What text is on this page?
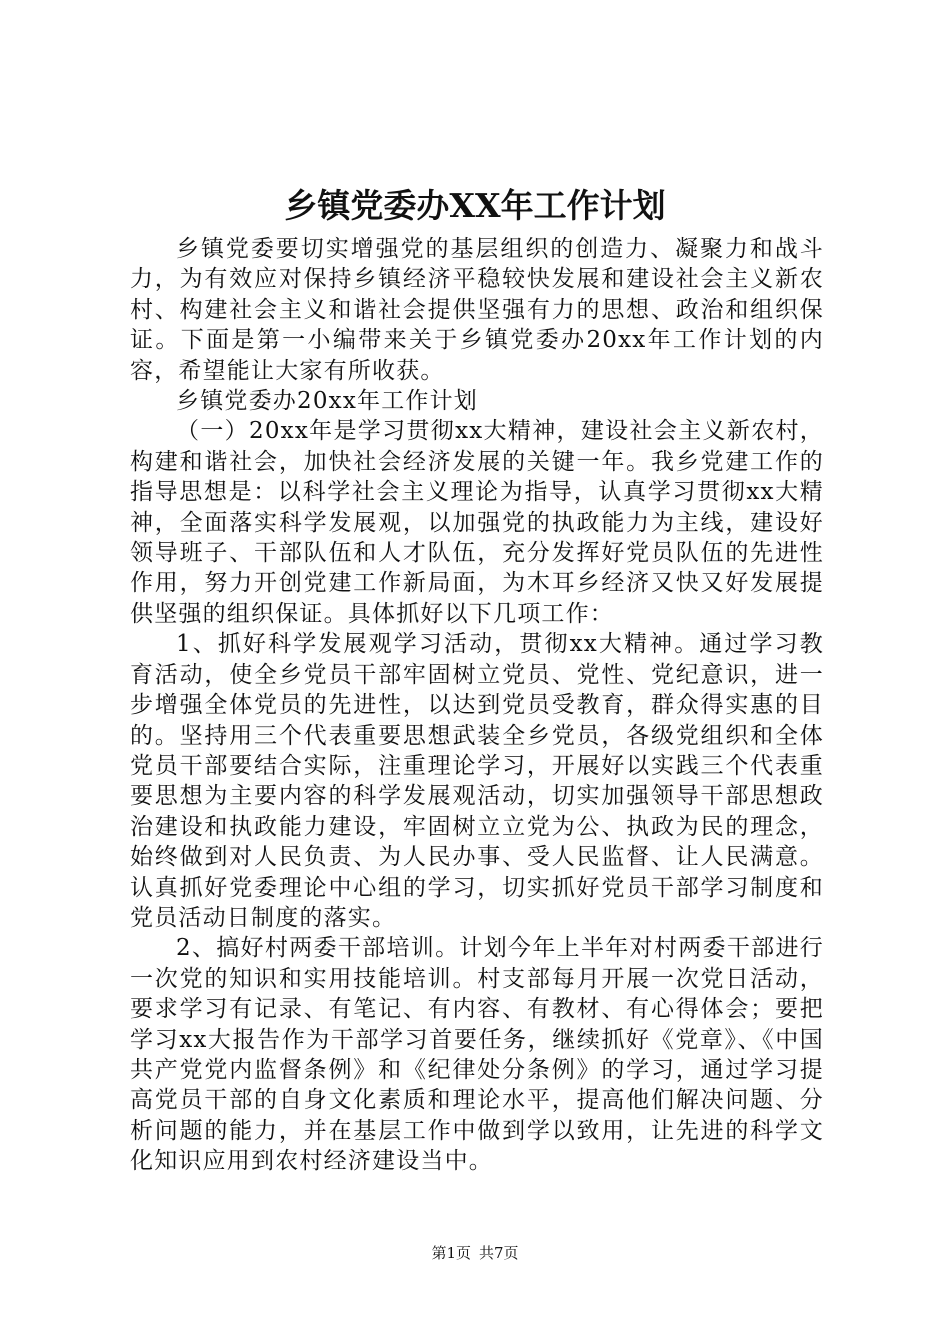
乡镇党委办XX年工作计划

乡镇党委要切实增强党的基层组织的创造力、凝聚力和战斗力，为有效应对保持乡镇经济平稳较快发展和建设社会主义新农村、构建社会主义和谐社会提供坚强有力的思想、政治和组织保证。下面是第一小编带来关于乡镇党委办20xx年工作计划的内容，希望能让大家有所收获。

乡镇党委办20xx年工作计划

（一）20xx年是学习贯彻xx大精神，建设社会主义新农村，构建和谐社会，加快社会经济发展的关键一年。我乡党建工作的指导思想是：以科学社会主义理论为指导，认真学习贯彻xx大精神，全面落实科学发展观，以加强党的执政能力为主线，建设好领导班子、干部队伍和人才队伍，充分发挥好党员队伍的先进性作用，努力开创党建工作新局面，为木耳乡经济又快又好发展提供坚强的组织保证。具体抓好以下几项工作：

1、抓好科学发展观学习活动，贯彻xx大精神。通过学习教育活动，使全乡党员干部牢固树立党员、党性、党纪意识，进一步增强全体党员的先进性，以达到党员受教育，群众得实惠的目的。坚持用三个代表重要思想武装全乡党员，各级党组织和全体党员干部要结合实际，注重理论学习，开展好以实践三个代表重要思想为主要内容的科学发展观活动，切实加强领导干部思想政治建设和执政能力建设，牢固树立立党为公、执政为民的理念，始终做到对人民负责、为人民办事、受人民监督、让人民满意。认真抓好党委理论中心组的学习，切实抓好党员干部学习制度和党员活动日制度的落实。

2、搞好村两委干部培训。计划今年上半年对村两委干部进行一次党的知识和实用技能培训。村支部每月开展一次党日活动，要求学习有记录、有笔记、有内容、有教材、有心得体会；要把学习xx大报告作为干部学习首要任务，继续抓好《党章》、《中国共产党党内监督条例》和《纪律处分条例》的学习，通过学习提高党员干部的自身文化素质和理论水平，提高他们解决问题、分析问题的能力，并在基层工作中做到学以致用，让先进的科学文化知识应用到农村经济建设当中。

第1页 共7页
